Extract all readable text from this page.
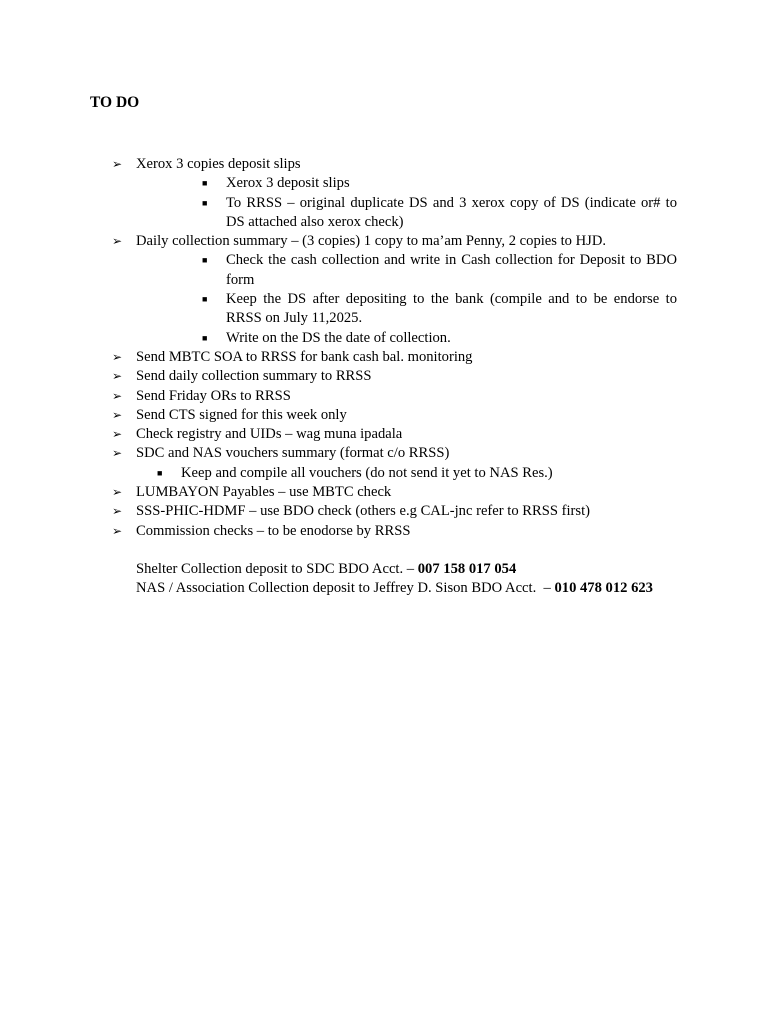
TO DO
➢ Xerox 3 copies deposit slips
■ Xerox 3 deposit slips
■ To RRSS – original duplicate DS and 3 xerox copy of DS (indicate or# to DS attached also xerox check)
➢ Daily collection summary – (3 copies) 1 copy to ma’am Penny, 2 copies to HJD.
■ Check the cash collection and write in Cash collection for Deposit to BDO form
■ Keep the DS after depositing to the bank (compile and to be endorse to RRSS on July 11,2025.
■ Write on the DS the date of collection.
➢ Send MBTC SOA to RRSS for bank cash bal. monitoring
➢ Send daily collection summary to RRSS
➢ Send Friday ORs to RRSS
➢ Send CTS signed for this week only
➢ Check registry and UIDs – wag muna ipadala
➢ SDC and NAS vouchers summary (format c/o RRSS)
■ Keep and compile all vouchers (do not send it yet to NAS Res.)
➢ LUMBAYON Payables – use MBTC check
➢ SSS-PHIC-HDMF – use BDO check (others e.g CAL-jnc refer to RRSS first)
➢ Commission checks – to be enodorse by RRSS
Shelter Collection deposit to SDC BDO Acct. – 007 158 017 054
NAS / Association Collection deposit to Jeffrey D. Sison BDO Acct.  – 010 478 012 623
